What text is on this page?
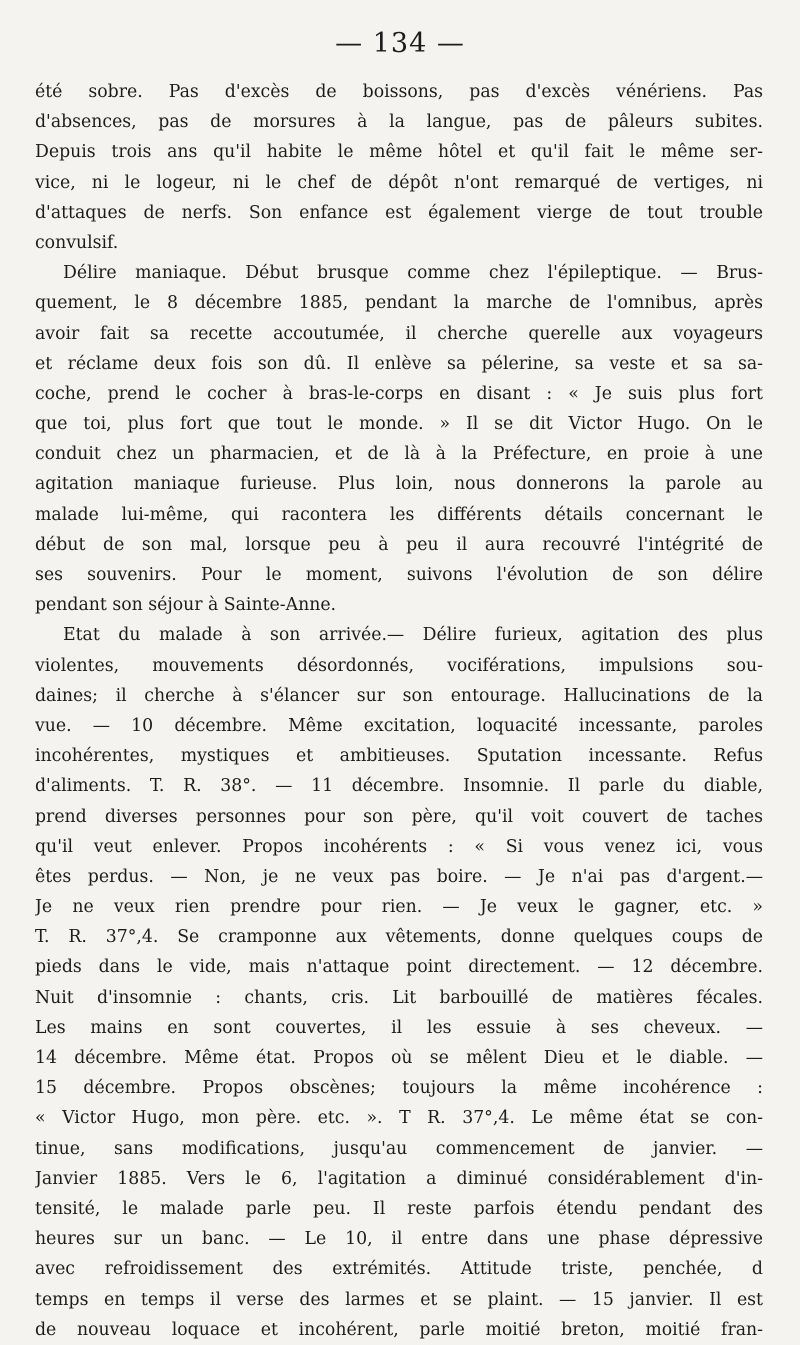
— 134 —
été sobre. Pas d'excès de boissons, pas d'excès vénériens. Pas
d'absences, pas de morsures à la langue, pas de pâleurs subites.
Depuis trois ans qu'il habite le même hôtel et qu'il fait le même ser-
vice, ni le logeur, ni le chef de dépôt n'ont remarqué de vertiges, ni
d'attaques de nerfs. Son enfance est également vierge de tout trouble
convulsif.
Délire maniaque. Début brusque comme chez l'épileptique. — Brus-
quement, le 8 décembre 1885, pendant la marche de l'omnibus, après
avoir fait sa recette accoutumée, il cherche querelle aux voyageurs
et réclame deux fois son dû. Il enlève sa pélerine, sa veste et sa sa-
coche, prend le cocher à bras-le-corps en disant : « Je suis plus fort
que toi, plus fort que tout le monde. » Il se dit Victor Hugo. On le
conduit chez un pharmacien, et de là à la Préfecture, en proie à une
agitation maniaque furieuse. Plus loin, nous donnerons la parole au
malade lui-même, qui racontera les différents détails concernant le
début de son mal, lorsque peu à peu il aura recouvré l'intégrité de
ses souvenirs. Pour le moment, suivons l'évolution de son délire
pendant son séjour à Sainte-Anne.
Etat du malade à son arrivée.— Délire furieux, agitation des plus
violentes, mouvements désordonnés, vociférations, impulsions sou-
daines; il cherche à s'élancer sur son entourage. Hallucinations de la
vue. — 10 décembre. Même excitation, loquacité incessante, paroles
incohérentes, mystiques et ambitieuses. Sputation incessante. Refus
d'aliments. T. R. 38°. — 11 décembre. Insomnie. Il parle du diable,
prend diverses personnes pour son père, qu'il voit couvert de taches
qu'il veut enlever. Propos incohérents : « Si vous venez ici, vous
êtes perdus. — Non, je ne veux pas boire. — Je n'ai pas d'argent.—
Je ne veux rien prendre pour rien. — Je veux le gagner, etc. »
T. R. 37°,4. Se cramponne aux vêtements, donne quelques coups de
pieds dans le vide, mais n'attaque point directement. — 12 décembre.
Nuit d'insomnie : chants, cris. Lit barbouillé de matières fécales.
Les mains en sont couvertes, il les essuie à ses cheveux. —
14 décembre. Même état. Propos où se mêlent Dieu et le diable. —
15 décembre. Propos obscènes; toujours la même incohérence :
« Victor Hugo, mon père. etc. ». T R. 37°,4. Le même état se con-
tinue, sans modifications, jusqu'au commencement de janvier. —
Janvier 1885. Vers le 6, l'agitation a diminué considérablement d'in-
tensité, le malade parle peu. Il reste parfois étendu pendant des
heures sur un banc. — Le 10, il entre dans une phase dépressive
avec refroidissement des extrémités. Attitude triste, penchée, d
temps en temps il verse des larmes et se plaint. — 15 janvier. Il est
de nouveau loquace et incohérent, parle moitié breton, moitié fran-
